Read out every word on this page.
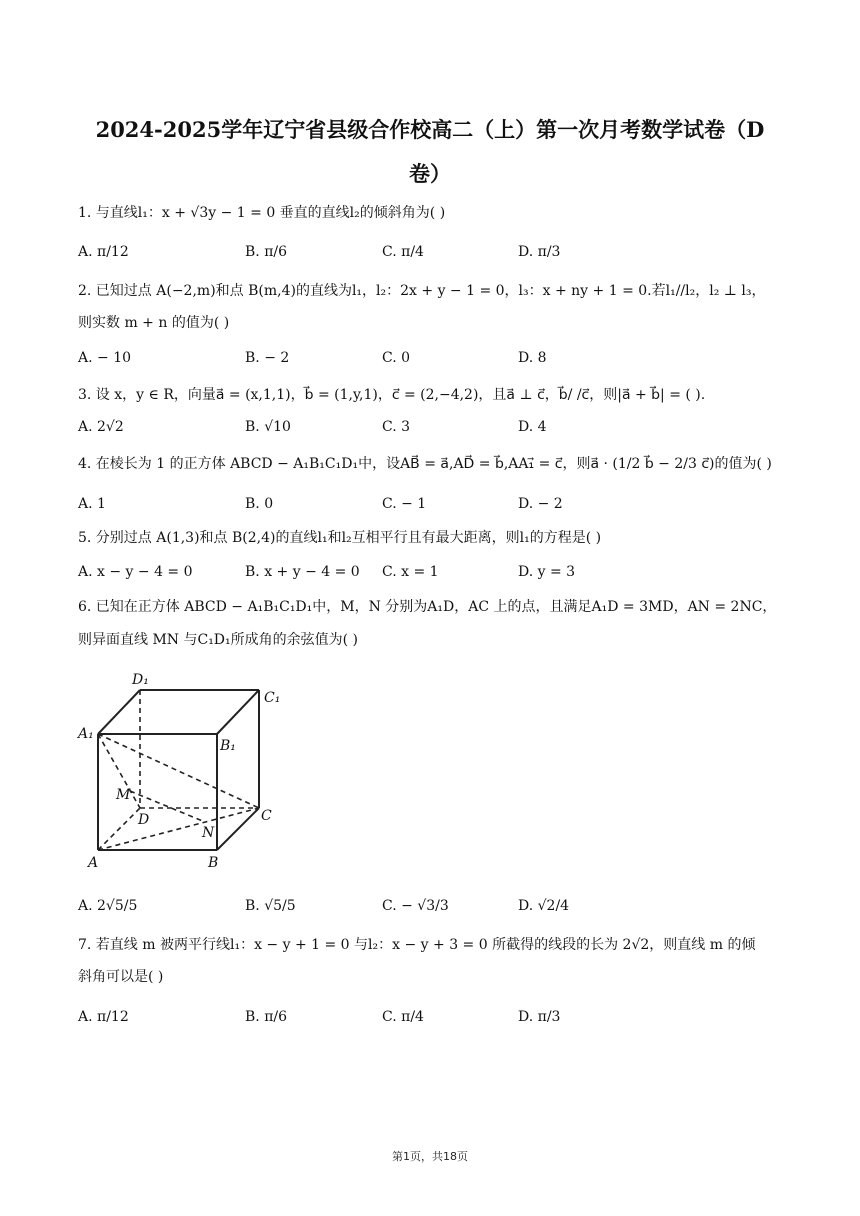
2024-2025学年辽宁省县级合作校高二（上）第一次月考数学试卷（D
卷）
1. 与直线l₁：x + √3y − 1 = 0 垂直的直线l₂的倾斜角为( )
A. π/12	B. π/6	C. π/4	D. π/3
2. 已知过点 A(−2,m)和点 B(m,4)的直线为l₁，l₂：2x + y − 1 = 0，l₃：x + ny + 1 = 0.若l₁//l₂，l₂ ⊥ l₃，
则实数 m + n 的值为( )
A. − 10	B. − 2	C. 0	D. 8
3. 设 x，y ∈ R，向量a⃗ = (x,1,1)，b⃗ = (1,y,1)，c⃗ = (2,−4,2)，且a⃗ ⊥ c⃗，b⃗/ /c⃗，则|a⃗ + b⃗| = ( ).
A. 2√2	B. √10	C. 3	D. 4
4. 在棱长为 1 的正方体 ABCD − A₁B₁C₁D₁中，设AB⃗ = a⃗,AD⃗ = b⃗,AA₁⃗ = c⃗，则a⃗ · (1/2 b⃗ − 2/3 c⃗)的值为( )
A. 1	B. 0	C. − 1	D. − 2
5. 分别过点 A(1,3)和点 B(2,4)的直线l₁和l₂互相平行且有最大距离，则l₁的方程是( )
A. x − y − 4 = 0	B. x + y − 4 = 0 C. x = 1	D. y = 3
6. 已知在正方体 ABCD − A₁B₁C₁D₁中，M，N 分别为A₁D，AC 上的点，且满足A₁D = 3MD，AN = 2NC，
则异面直线 MN 与C₁D₁所成角的余弦值为( )
D₁
C₁
A₁
B₁
M
D
N
C
A	B
A. 2√5/5	B. √5/5	C. − √3/3	D. √2/4
7. 若直线 m 被两平行线l₁：x − y + 1 = 0 与l₂：x − y + 3 = 0 所截得的线段的长为 2√2，则直线 m 的倾
斜角可以是( )
A. π/12	B. π/6	C. π/4	D. π/3
第1页，共18页
